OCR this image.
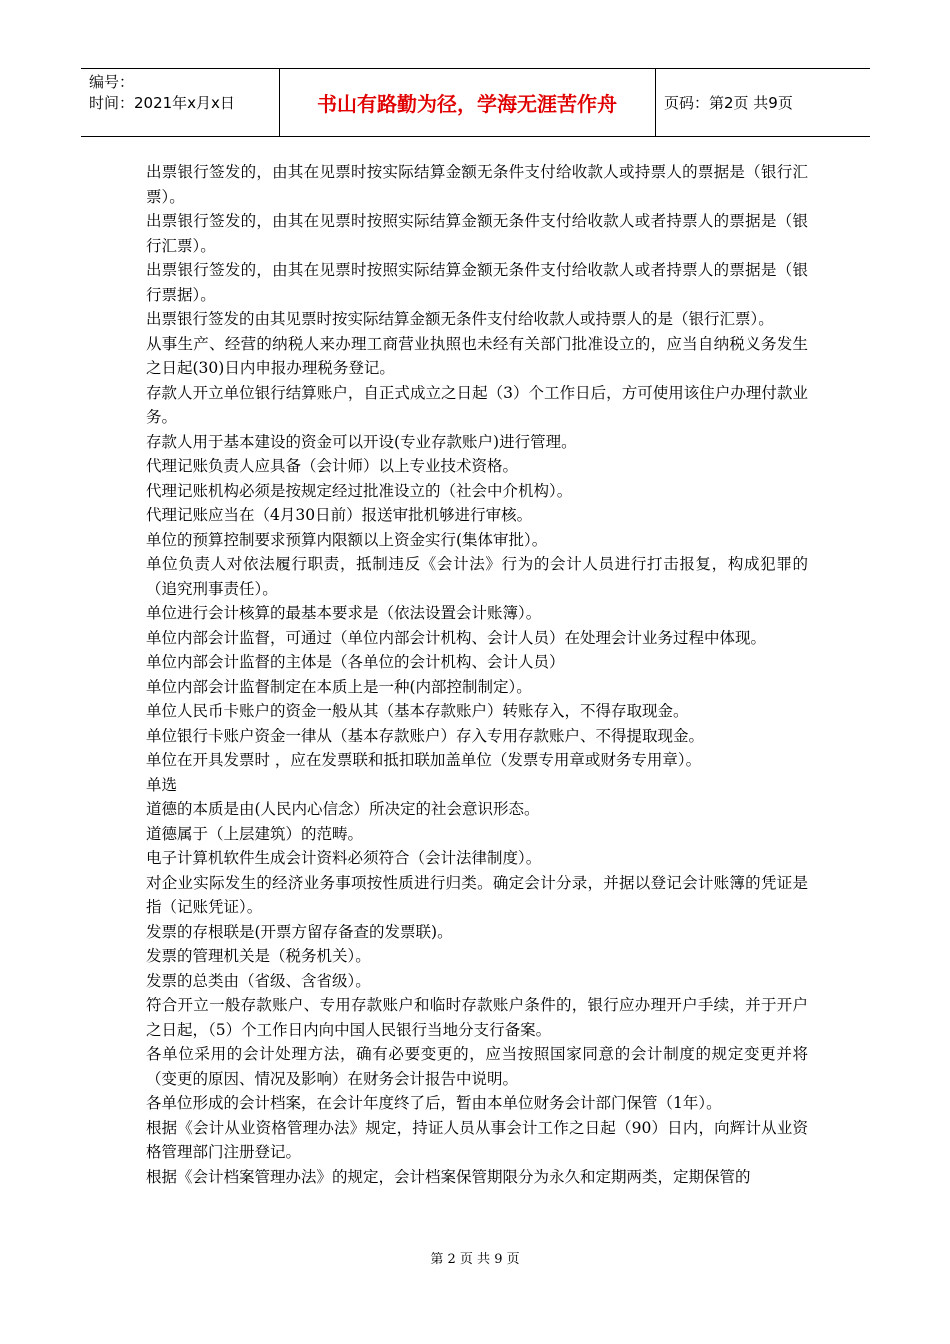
编号：
时间：2021年x月x日	书山有路勤为径，学海无涯苦作舟	页码：第2页 共9页

出票银行签发的，由其在见票时按实际结算金额无条件支付给收款人或持票人的票据是（银行汇票）。

出票银行签发的，由其在见票时按照实际结算金额无条件支付给收款人或者持票人的票据是（银行汇票）。

出票银行签发的，由其在见票时按照实际结算金额无条件支付给收款人或者持票人的票据是（银行票据）。

出票银行签发的由其见票时按实际结算金额无条件支付给收款人或持票人的是（银行汇票）。

从事生产、经营的纳税人来办理工商营业执照也未经有关部门批准设立的，应当自纳税义务发生之日起(30)日内申报办理税务登记。

存款人开立单位银行结算账户，自正式成立之日起（3）个工作日后，方可使用该住户办理付款业务。

存款人用于基本建设的资金可以开设(专业存款账户)进行管理。

代理记账负责人应具备（会计师）以上专业技术资格。

代理记账机构必须是按规定经过批准设立的（社会中介机构）。

代理记账应当在（4月30日前）报送审批机够进行审核。

单位的预算控制要求预算内限额以上资金实行(集体审批）。

单位负责人对依法履行职责，抵制违反《会计法》行为的会计人员进行打击报复，构成犯罪的（追究刑事责任）。

单位进行会计核算的最基本要求是（依法设置会计账簿）。

单位内部会计监督，可通过（单位内部会计机构、会计人员）在处理会计业务过程中体现。

单位内部会计监督的主体是（各单位的会计机构、会计人员）

单位内部会计监督制定在本质上是一种(内部控制制定）。

单位人民币卡账户的资金一般从其（基本存款账户）转账存入，不得存取现金。

单位银行卡账户资金一律从（基本存款账户）存入专用存款账户、不得提取现金。

单位在开具发票时 ，应在发票联和抵扣联加盖单位（发票专用章或财务专用章）。

单选

道德的本质是由(人民内心信念）所决定的社会意识形态。

道德属于（上层建筑）的范畴。

电子计算机软件生成会计资料必须符合（会计法律制度）。

对企业实际发生的经济业务事项按性质进行归类。确定会计分录，并据以登记会计账簿的凭证是指（记账凭证）。

发票的存根联是(开票方留存备查的发票联)。

发票的管理机关是（税务机关）。

发票的总类由（省级、含省级）。

符合开立一般存款账户、专用存款账户和临时存款账户条件的，银行应办理开户手续，并于开户之日起，（5）个工作日内向中国人民银行当地分支行备案。

各单位采用的会计处理方法，确有必要变更的，应当按照国家同意的会计制度的规定变更并将（变更的原因、情况及影响）在财务会计报告中说明。

各单位形成的会计档案，在会计年度终了后，暂由本单位财务会计部门保管（1年）。

根据《会计从业资格管理办法》规定，持证人员从事会计工作之日起（90）日内，向辉计从业资格管理部门注册登记。

根据《会计档案管理办法》的规定，会计档案保管期限分为永久和定期两类，定期保管的

第 2 页 共 9 页
